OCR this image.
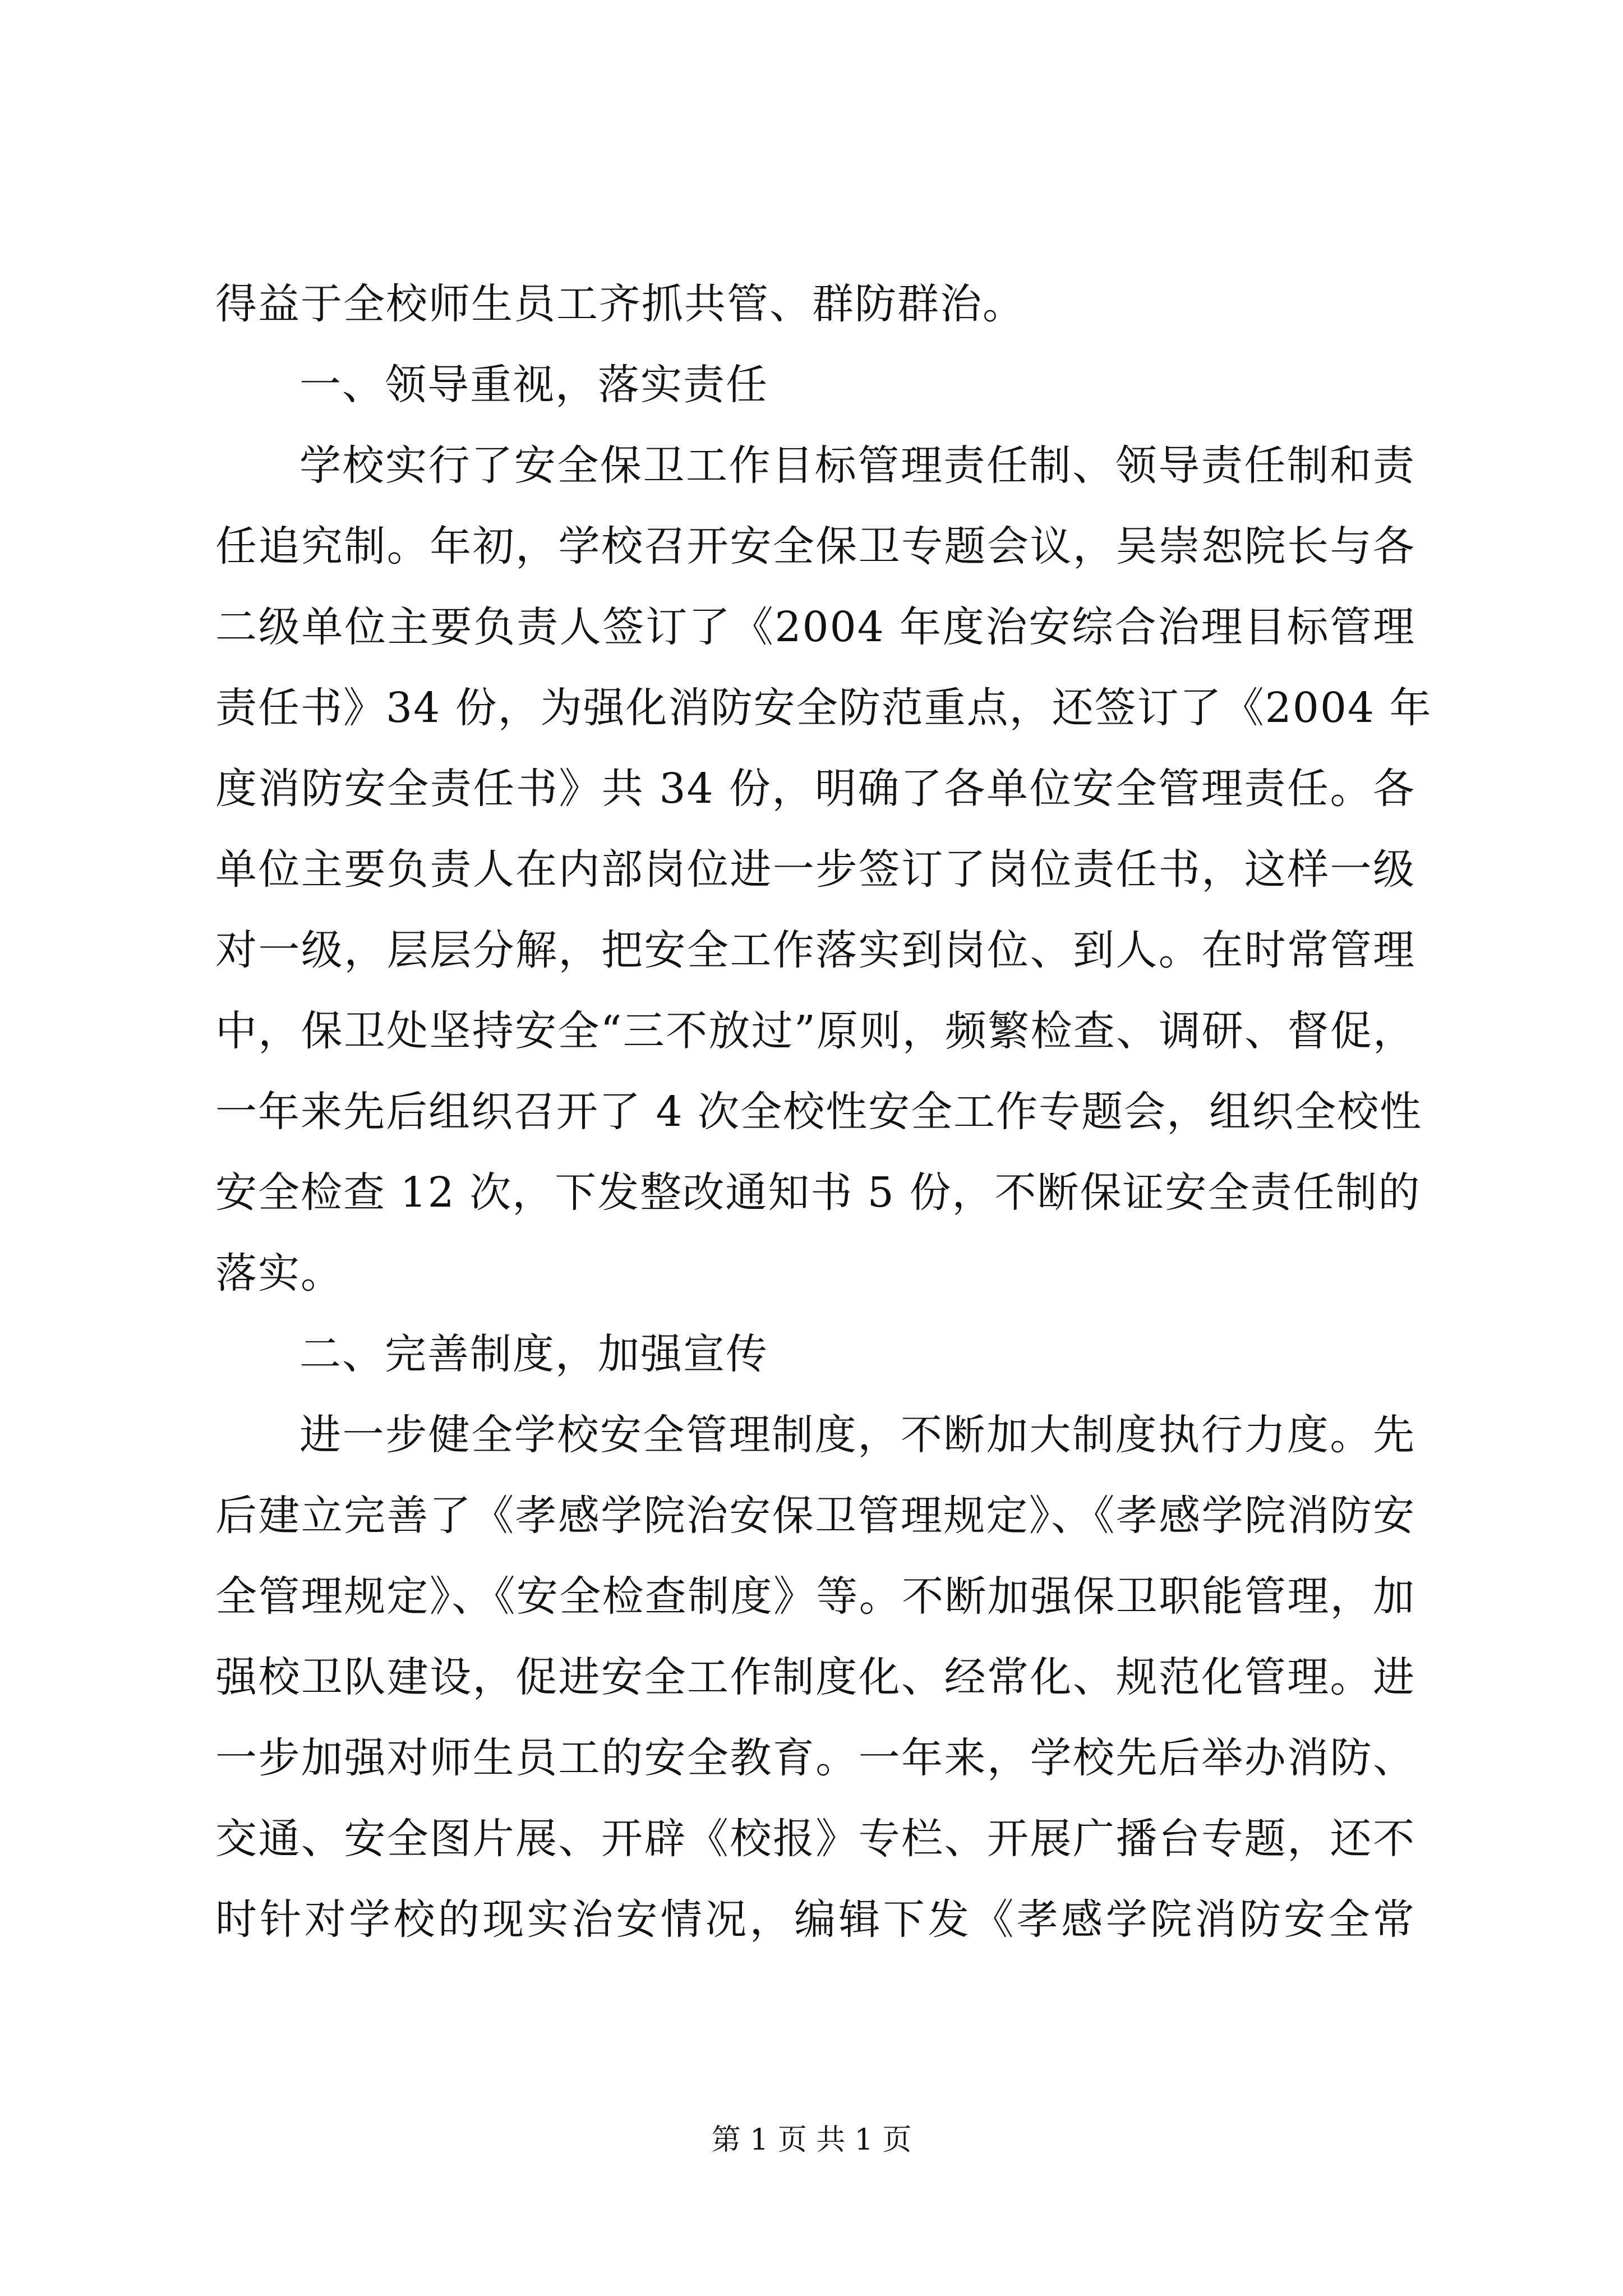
得益于全校师生员工齐抓共管、群防群治。
一、领导重视，落实责任
学校实行了安全保卫工作目标管理责任制、领导责任制和责
任追究制。年初，学校召开安全保卫专题会议，吴崇恕院长与各
二级单位主要负责人签订了《2004 年度治安综合治理目标管理
责任书》34 份，为强化消防安全防范重点，还签订了《2004 年
度消防安全责任书》共 34 份，明确了各单位安全管理责任。各
单位主要负责人在内部岗位进一步签订了岗位责任书，这样一级
对一级，层层分解，把安全工作落实到岗位、到人。在时常管理
中，保卫处坚持安全“三不放过”原则，频繁检查、调研、督促，
一年来先后组织召开了 4 次全校性安全工作专题会，组织全校性
安全检查 12 次，下发整改通知书 5 份，不断保证安全责任制的
落实。
二、完善制度，加强宣传
进一步健全学校安全管理制度，不断加大制度执行力度。先
后建立完善了《孝感学院治安保卫管理规定》、《孝感学院消防安
全管理规定》、《安全检查制度》等。不断加强保卫职能管理，加
强校卫队建设，促进安全工作制度化、经常化、规范化管理。进
一步加强对师生员工的安全教育。一年来，学校先后举办消防、
交通、安全图片展、开辟《校报》专栏、开展广播台专题，还不
时针对学校的现实治安情况，编辑下发《孝感学院消防安全常
第 1 页 共 1 页
